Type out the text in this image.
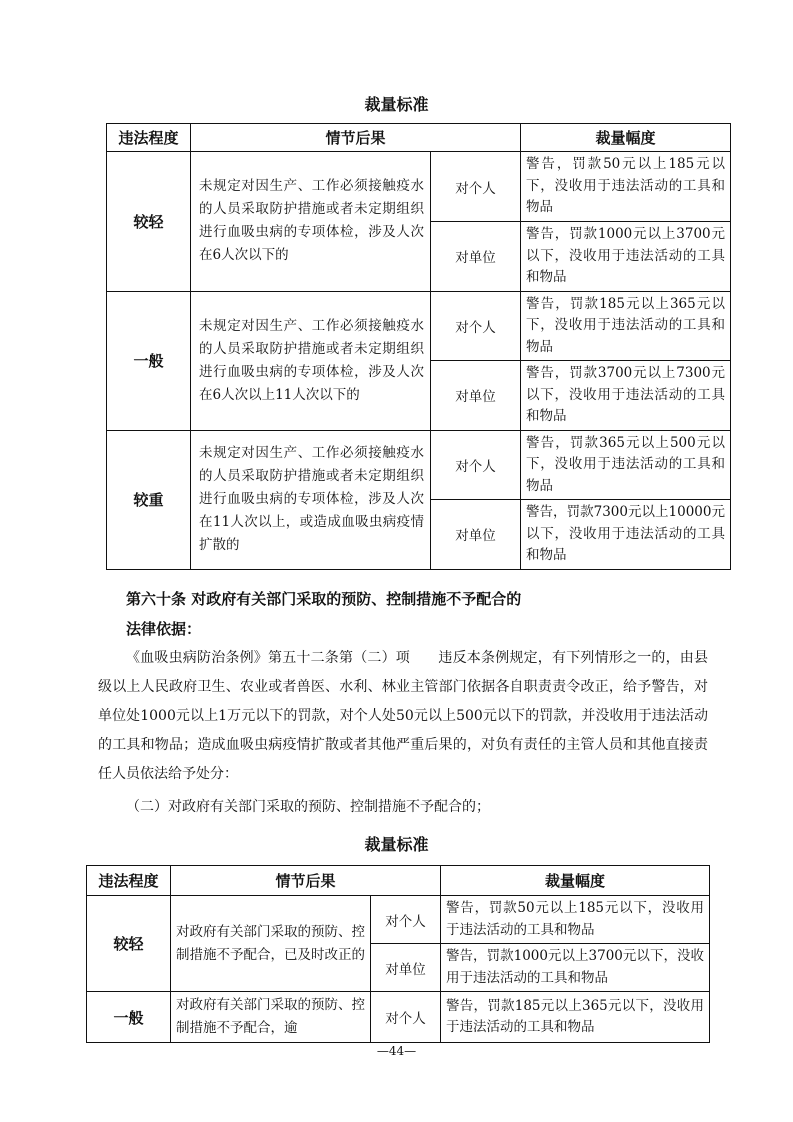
裁量标准
违法程度	情节后果		裁量幅度
较轻	未规定对因生产、工作必须接触疫水的人员采取防护措施或者未定期组织进行血吸虫病的专项体检，涉及人次在6人次以下的	对个人	警告，罚款50元以上185元以下，没收用于违法活动的工具和物品
		对单位	警告，罚款1000元以上3700元以下，没收用于违法活动的工具和物品
一般	未规定对因生产、工作必须接触疫水的人员采取防护措施或者未定期组织进行血吸虫病的专项体检，涉及人次在6人次以上11人次以下的	对个人	警告，罚款185元以上365元以下，没收用于违法活动的工具和物品
		对单位	警告，罚款3700元以上7300元以下，没收用于违法活动的工具和物品
较重	未规定对因生产、工作必须接触疫水的人员采取防护措施或者未定期组织进行血吸虫病的专项体检，涉及人次在11人次以上，或造成血吸虫病疫情扩散的	对个人	警告，罚款365元以上500元以下，没收用于违法活动的工具和物品
		对单位	警告，罚款7300元以上10000元以下，没收用于违法活动的工具和物品
第六十条 对政府有关部门采取的预防、控制措施不予配合的
法律依据：
《血吸虫病防治条例》第五十二条第（二）项　　违反本条例规定，有下列情形之一的，由县级以上人民政府卫生、农业或者兽医、水利、林业主管部门依据各自职责责令改正，给予警告，对单位处1000元以上1万元以下的罚款，对个人处50元以上500元以下的罚款，并没收用于违法活动的工具和物品；造成血吸虫病疫情扩散或者其他严重后果的，对负有责任的主管人员和其他直接责任人员依法给予处分：
（二）对政府有关部门采取的预防、控制措施不予配合的；
裁量标准
违法程度	情节后果		裁量幅度
较轻	对政府有关部门采取的预防、控制措施不予配合，已及时改正的	对个人	警告，罚款50元以上185元以下，没收用于违法活动的工具和物品
		对单位	警告，罚款1000元以上3700元以下，没收用于违法活动的工具和物品
一般	对政府有关部门采取的预防、控制措施不予配合，逾	对个人	警告，罚款185元以上365元以下，没收用于违法活动的工具和物品
—44—
